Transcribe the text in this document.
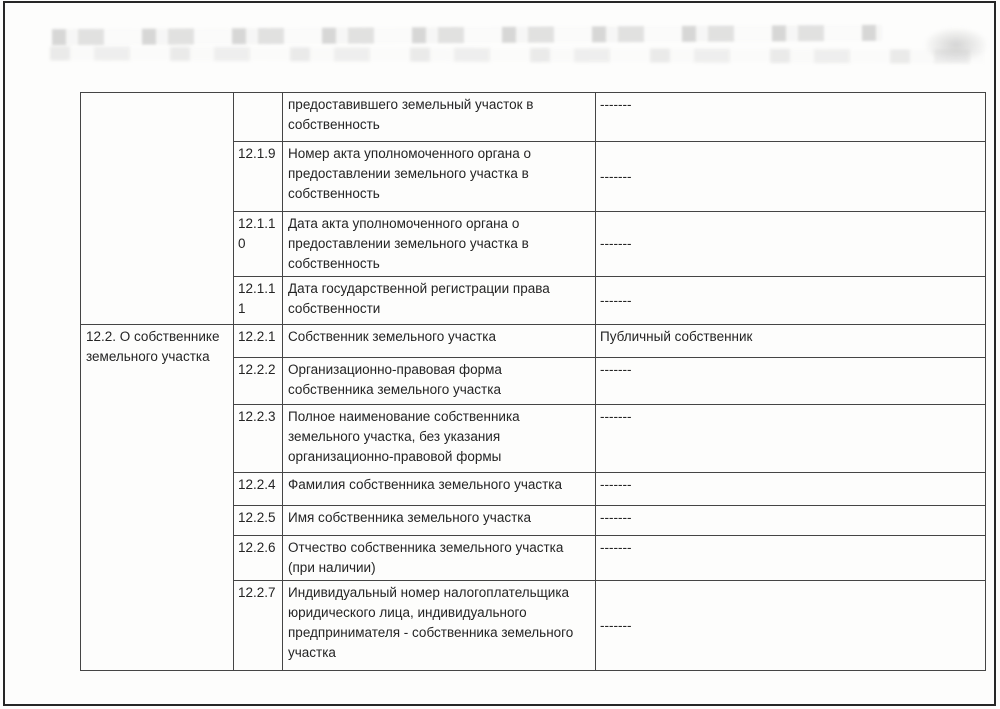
		предоставившего земельный участок в собственность	-------
	12.1.9	Номер акта уполномоченного органа о предоставлении земельного участка в собственность	-------
	12.1.10	Дата акта уполномоченного органа о предоставлении земельного участка в собственность	-------
	12.1.11	Дата государственной регистрации права собственности	-------
12.2. О собственнике земельного участка	12.2.1	Собственник земельного участка	Публичный собственник
	12.2.2	Организационно-правовая форма собственника земельного участка	-------
	12.2.3	Полное наименование собственника земельного участка, без указания организационно-правовой формы	-------
	12.2.4	Фамилия собственника земельного участка	-------
	12.2.5	Имя собственника земельного участка	-------
	12.2.6	Отчество собственника земельного участка (при наличии)	-------
	12.2.7	Индивидуальный номер налогоплательщика юридического лица, индивидуального предпринимателя - собственника земельного участка	-------
